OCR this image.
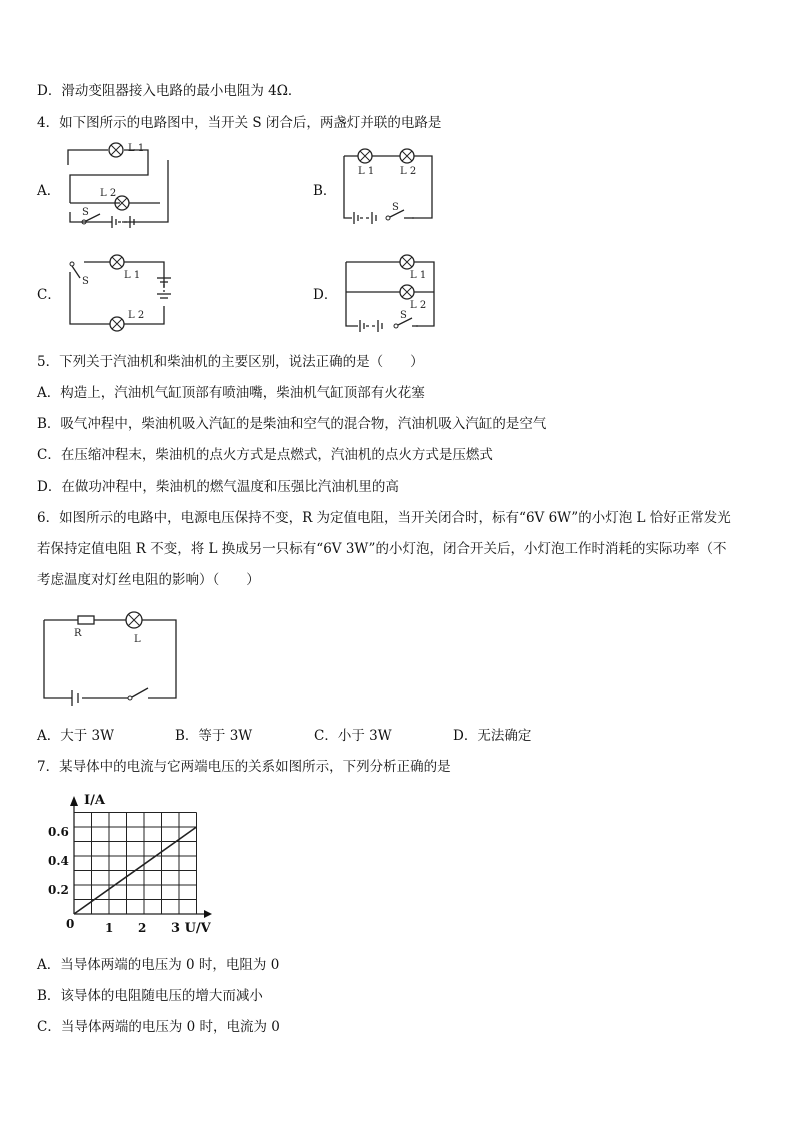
D．滑动变阻器接入电路的最小电阻为 4Ω．
4．如下图所示的电路图中，当开关 S 闭合后，两盏灯并联的电路是
A．	B．
C．	D．
L 1
L 2
S
L 1	L 2
S
S
L 1
L 2
L 1
L 2
S
5．下列关于汽油机和柴油机的主要区别，说法正确的是（　　）
A．构造上，汽油机气缸顶部有喷油嘴，柴油机气缸顶部有火花塞
B．吸气冲程中，柴油机吸入汽缸的是柴油和空气的混合物，汽油机吸入汽缸的是空气
C．在压缩冲程末，柴油机的点火方式是点燃式，汽油机的点火方式是压燃式
D．在做功冲程中，柴油机的燃气温度和压强比汽油机里的高
6．如图所示的电路中，电源电压保持不变，R 为定值电阻，当开关闭合时，标有“6V 6W”的小灯泡 L 恰好正常发光
若保持定值电阻 R 不变，将 L 换成另一只标有“6V 3W”的小灯泡，闭合开关后，小灯泡工作时消耗的实际功率（不
考虑温度对灯丝电阻的影响）（　　）
R
L
A．大于 3W	B．等于 3W	C．小于 3W	D．无法确定
7．某导体中的电流与它两端电压的关系如图所示，下列分析正确的是
I/A
0
0.6
0.4
0.2
1 2 3 U/V
A．当导体两端的电压为 0 时，电阻为 0
B．该导体的电阻随电压的增大而减小
C．当导体两端的电压为 0 时，电流为 0
